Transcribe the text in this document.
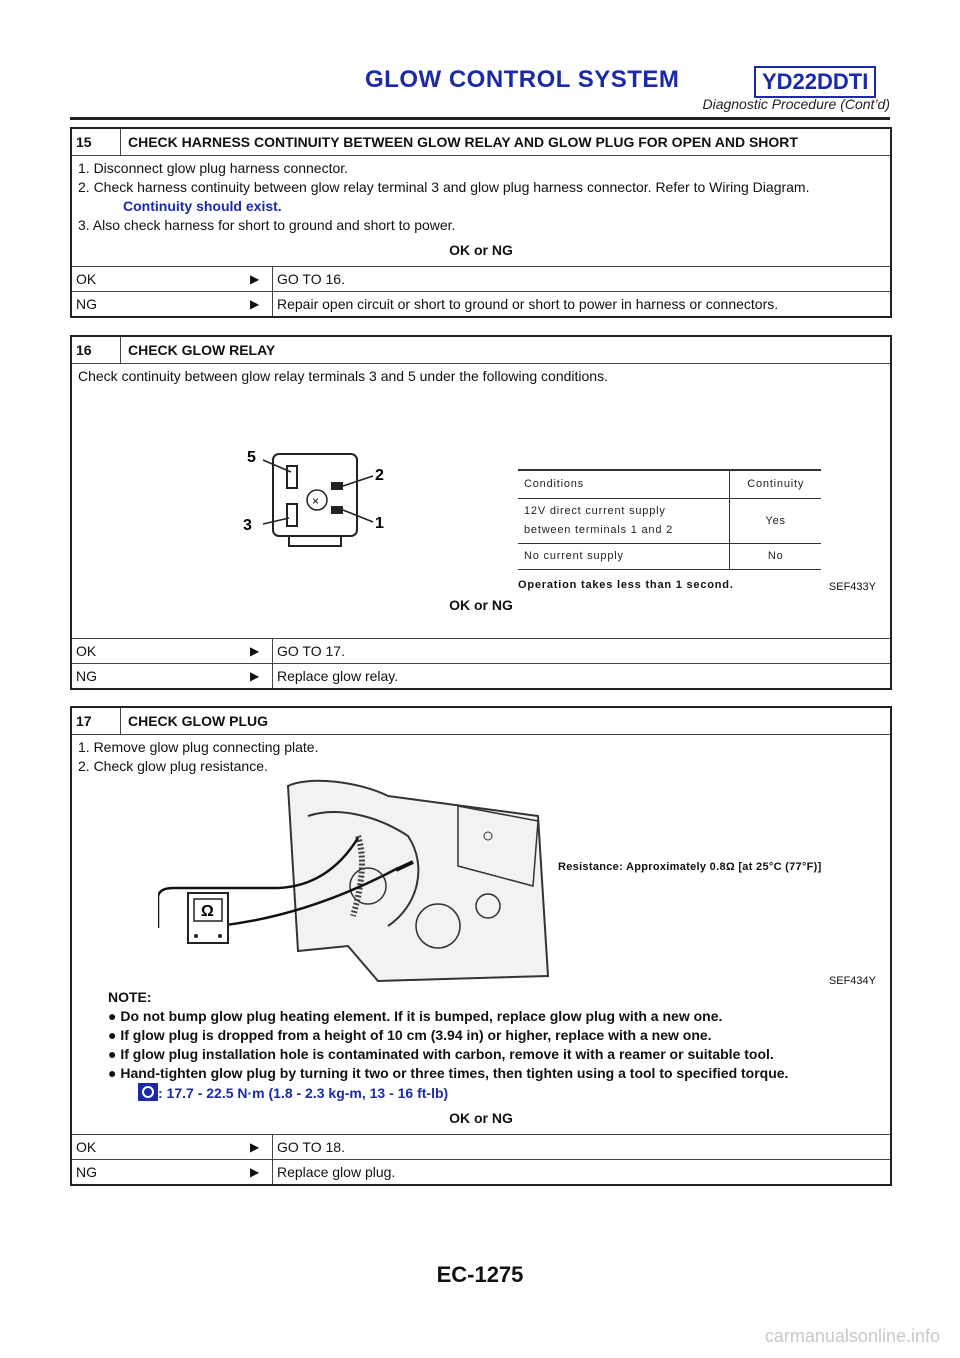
GLOW CONTROL SYSTEM	YD22DDTI
Diagnostic Procedure (Cont’d)
15	CHECK HARNESS CONTINUITY BETWEEN GLOW RELAY AND GLOW PLUG FOR OPEN AND SHORT
1. Disconnect glow plug harness connector.
2. Check harness continuity between glow relay terminal 3 and glow plug harness connector. Refer to Wiring Diagram.
Continuity should exist.
3. Also check harness for short to ground and short to power.
OK or NG
OK	▶	GO TO 16.
NG	▶	Repair open circuit or short to ground or short to power in harness or connectors.
16	CHECK GLOW RELAY
Check continuity between glow relay terminals 3 and 5 under the following conditions.
×
5
2
3	1
Conditions	Continuity

12V direct current supply
between terminals 1 and 2	Yes
No current supply	No
Operation takes less than 1 second.	SEF433Y
OK or NG
OK	▶	GO TO 17.
NG	▶	Replace glow relay.
17	CHECK GLOW PLUG
1. Remove glow plug connecting plate.
2. Check glow plug resistance.
Ω
Resistance: Approximately 0.8Ω [at 25°C (77°F)]
SEF434Y
NOTE:
● Do not bump glow plug heating element. If it is bumped, replace glow plug with a new one.
● If glow plug is dropped from a height of 10 cm (3.94 in) or higher, replace with a new one.
● If glow plug installation hole is contaminated with carbon, remove it with a reamer or suitable tool.
● Hand-tighten glow plug by turning it two or three times, then tighten using a tool to specified torque.
: 17.7 - 22.5 N·m (1.8 - 2.3 kg-m, 13 - 16 ft-lb)
OK or NG
OK	▶	GO TO 18.
NG	▶	Replace glow plug.
EC-1275
carmanualsonline.info
